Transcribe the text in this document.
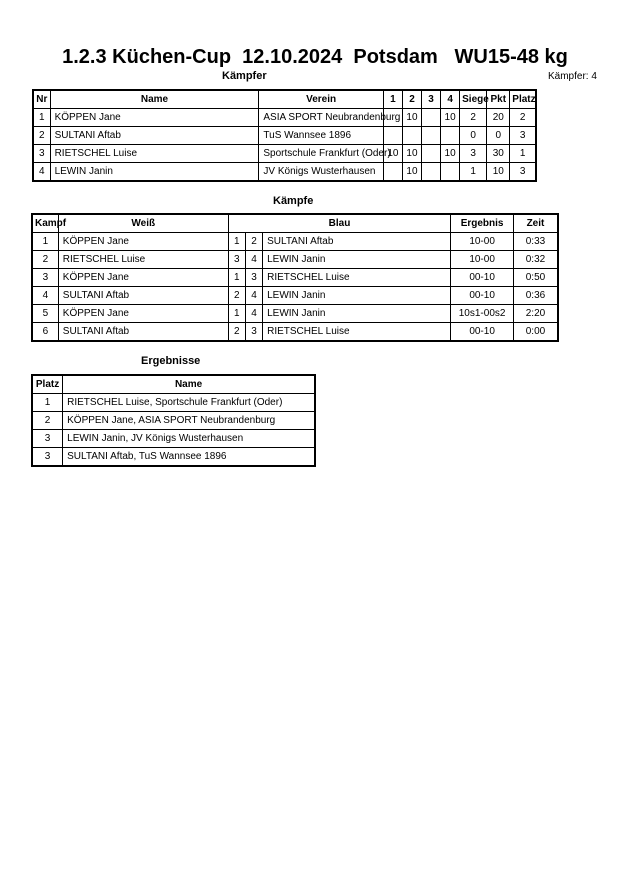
1.2.3 Küchen-Cup  12.10.2024  Potsdam   WU15-48 kg
Kämpfer	Kämpfer: 4
Nr	Name	Verein	1	2	3	4	Siege	Pkt	Platz
1	KÖPPEN Jane	ASIA SPORT Neubrandenburg		10		10	2	20	2
2	SULTANI Aftab	TuS Wannsee 1896					0	0	3
3	RIETSCHEL Luise	Sportschule Frankfurt (Oder)	10	10		10	3	30	1
4	LEWIN Janin	JV Königs Wusterhausen		10			1	10	3
Kämpfe
Kampf	Weiß	Blau			Ergebnis	Zeit
1	KÖPPEN Jane	1	2	SULTANI Aftab	10-00	0:33
2	RIETSCHEL Luise	3	4	LEWIN Janin	10-00	0:32
3	KÖPPEN Jane	1	3	RIETSCHEL Luise	00-10	0:50
4	SULTANI Aftab	2	4	LEWIN Janin	00-10	0:36
5	KÖPPEN Jane	1	4	LEWIN Janin	10s1-00s2	2:20
6	SULTANI Aftab	2	3	RIETSCHEL Luise	00-10	0:00
Ergebnisse
Platz	Name
1	RIETSCHEL Luise, Sportschule Frankfurt (Oder)
2	KÖPPEN Jane, ASIA SPORT Neubrandenburg
3	LEWIN Janin, JV Königs Wusterhausen
3	SULTANI Aftab, TuS Wannsee 1896
